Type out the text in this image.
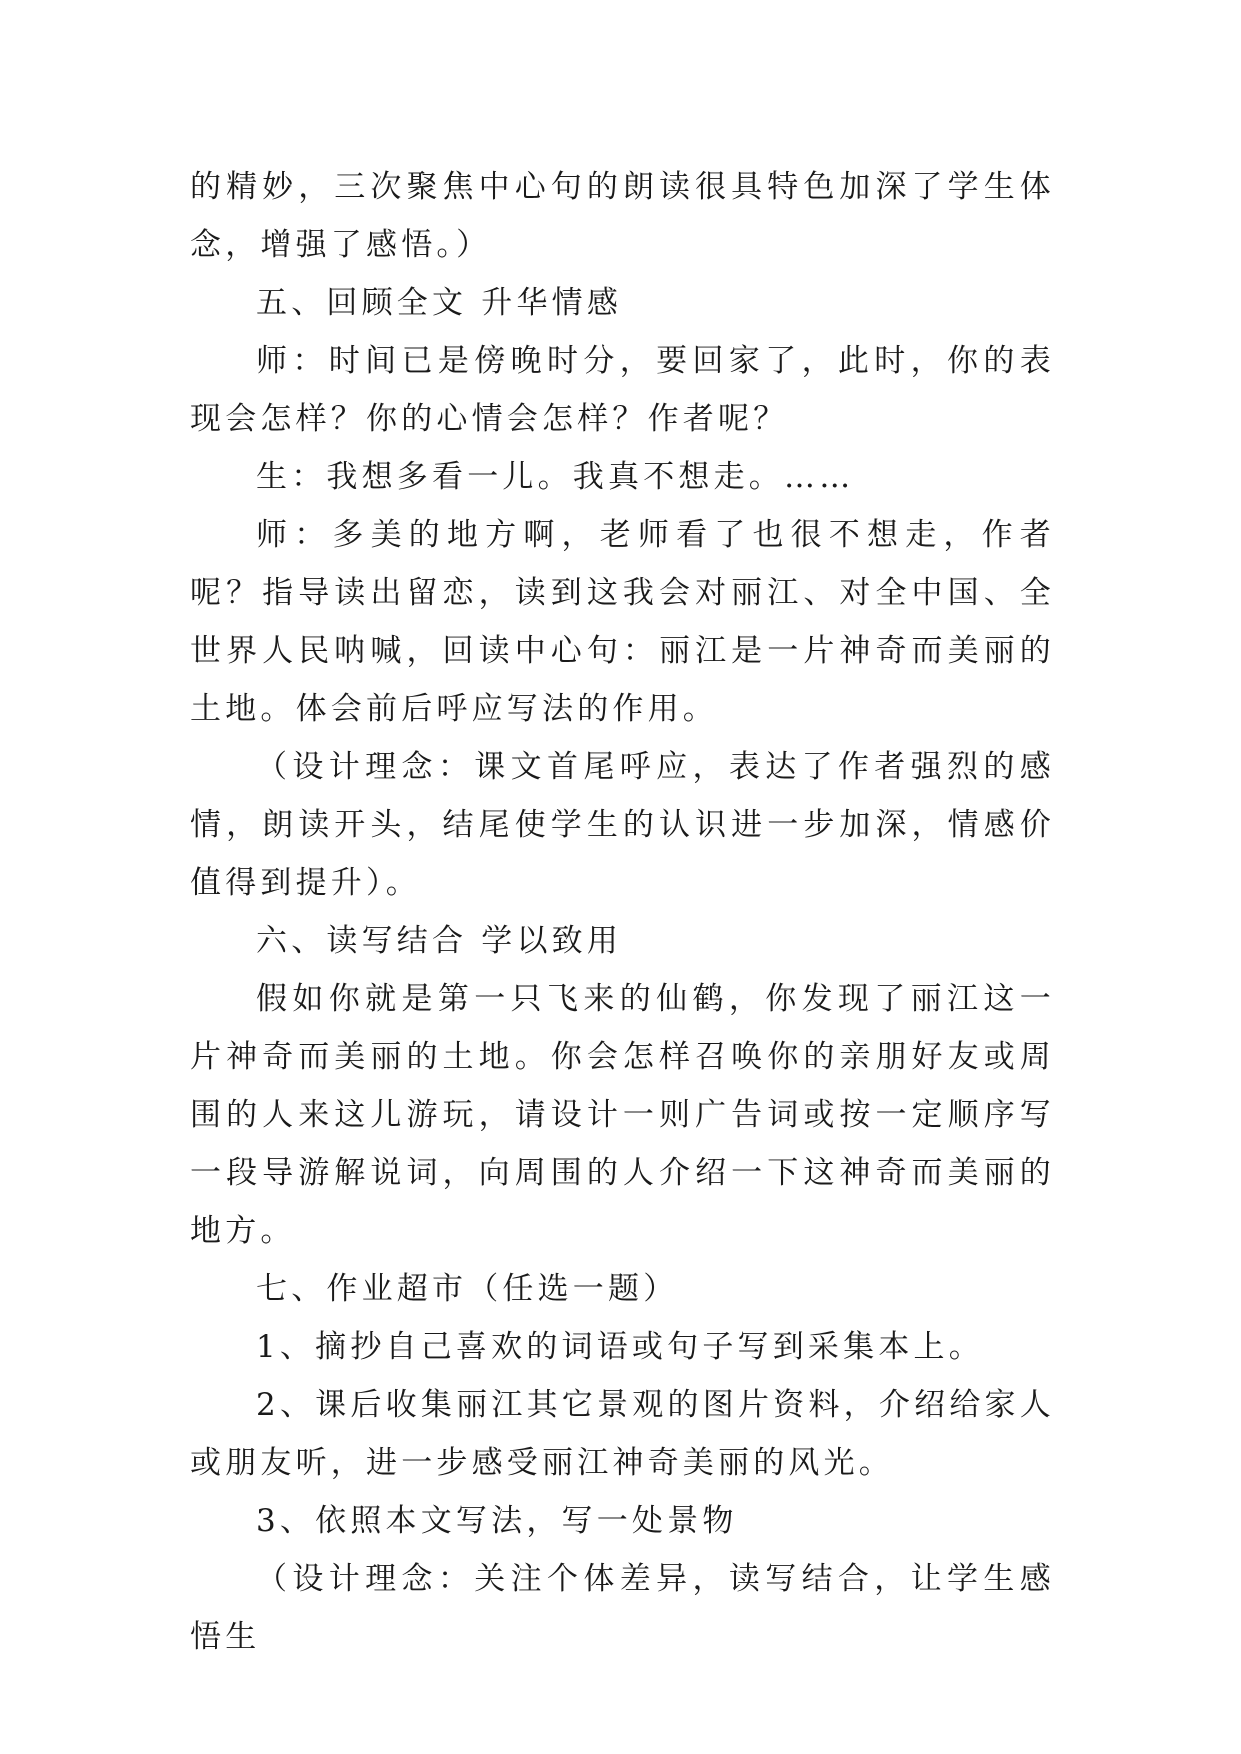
的精妙，三次聚焦中心句的朗读很具特色加深了学生体念，增强了感悟。）

五、回顾全文 升华情感

师：时间已是傍晚时分，要回家了，此时，你的表现会怎样？你的心情会怎样？作者呢？

生：我想多看一儿。我真不想走。……

师：多美的地方啊，老师看了也很不想走，作者呢？指导读出留恋，读到这我会对丽江、对全中国、全世界人民呐喊，回读中心句：丽江是一片神奇而美丽的土地。体会前后呼应写法的作用。

（设计理念：课文首尾呼应，表达了作者强烈的感情，朗读开头，结尾使学生的认识进一步加深，情感价值得到提升）。

六、读写结合 学以致用

假如你就是第一只飞来的仙鹤，你发现了丽江这一片神奇而美丽的土地。你会怎样召唤你的亲朋好友或周围的人来这儿游玩，请设计一则广告词或按一定顺序写一段导游解说词，向周围的人介绍一下这神奇而美丽的地方。

七、作业超市（任选一题）

1、摘抄自己喜欢的词语或句子写到采集本上。

2、课后收集丽江其它景观的图片资料，介绍给家人或朋友听，进一步感受丽江神奇美丽的风光。

3、依照本文写法，写一处景物

（设计理念：关注个体差异，读写结合，让学生感悟生
